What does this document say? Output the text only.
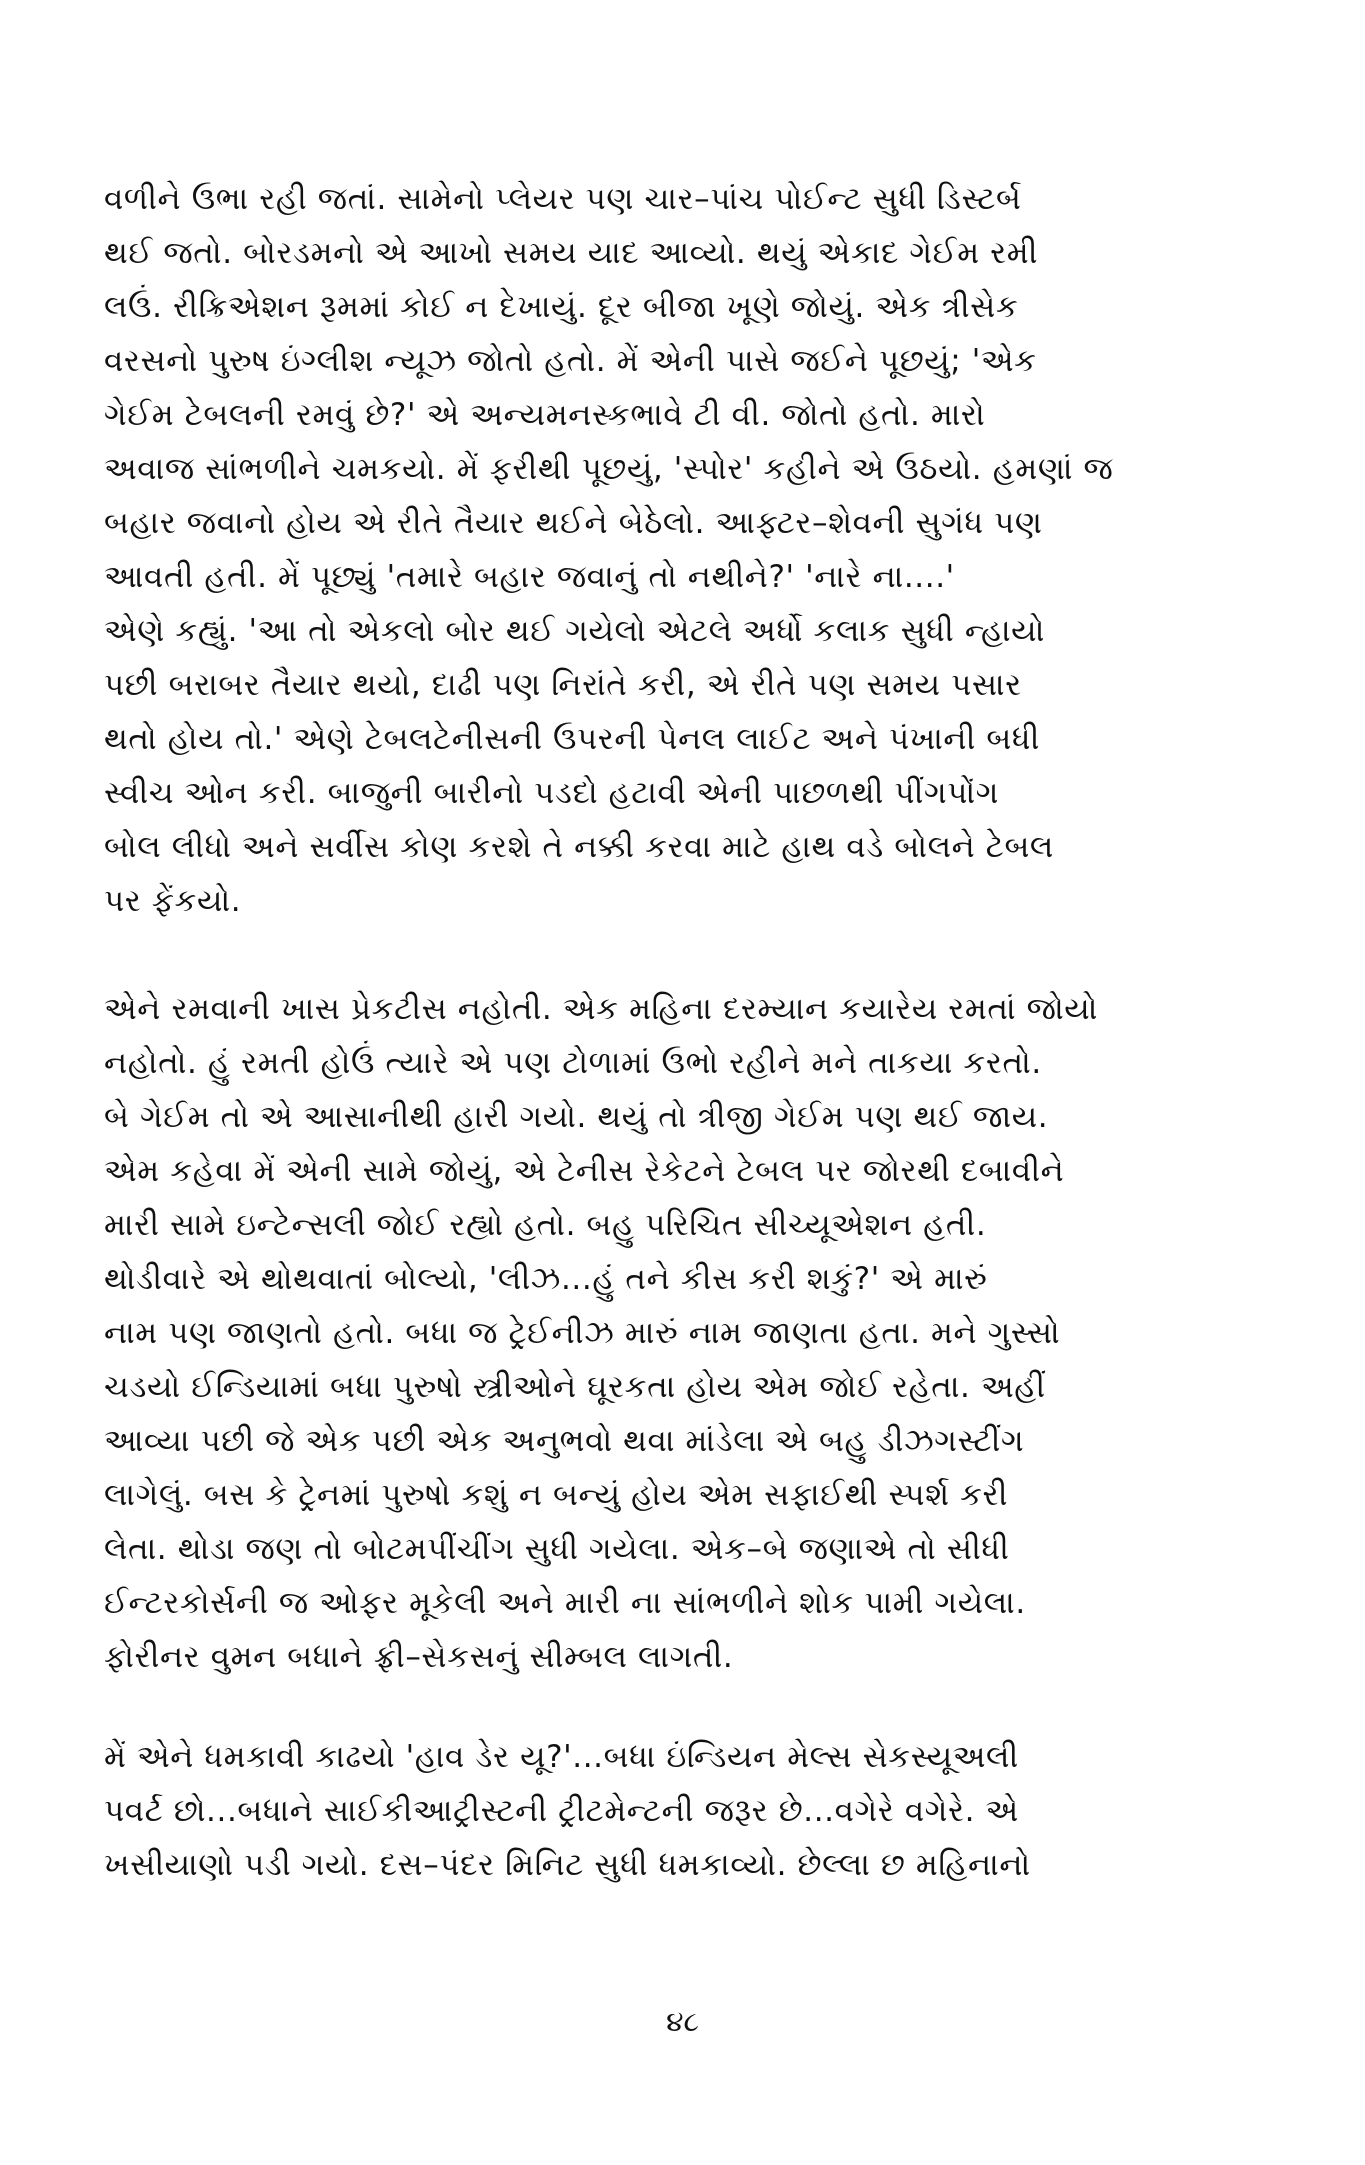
વળીને ઉભા રહી જતાં. સામેનો પ્લેયર પણ ચાર–પાંચ પોઈન્ટ સુધી ડિસ્ટર્બ
થઈ જતો. બોરડમનો એ આખો સમય યાદ આવ્યો. થયું એકાદ ગેઈમ રમી
લઉં. રીક્રિએશન રૂમમાં કોઈ ન દેખાયું. દૂર બીજા ખૂણે જોયું. એક ત્રીસેક
વરસનો પુરુષ ઇંગ્લીશ ન્યૂઝ જોતો હતો. મેં એની પાસે જઈને પૂછયું; 'એક
ગેઈમ ટેબલની રમવું છે?' એ અન્યમનસ્કભાવે ટી વી. જોતો હતો. મારો
અવાજ સાંભળીને ચમકયો. મેં ફરીથી પૂછયું, 'સ્પોર' કહીને એ ઉઠયો. હમણાં જ
બહાર જવાનો હોય એ રીતે તૈયાર થઈને બેઠેલો. આફ્ટર–શેવની સુગંધ પણ
આવતી હતી. મેં પૂછ્યું 'તમારે બહાર જવાનું તો નથીને?' 'નારે ના....'
એણે કહ્યું. 'આ તો એકલો બોર થઈ ગયેલો એટલે અર્ધો કલાક સુધી ન્હાયો
પછી બરાબર તૈયાર થયો, દાઢી પણ નિરાંતે કરી, એ રીતે પણ સમય પસાર
થતો હોય તો.' એણે ટેબલટેનીસની ઉપરની પેનલ લાઈટ અને પંખાની બધી
સ્વીચ ઓન કરી. બાજુની બારીનો પડદો હટાવી એની પાછળથી પીંગપોંગ
બોલ લીધો અને સર્વીસ કોણ કરશે તે નક્કી કરવા માટે હાથ વડે બોલને ટેબલ
પર ફેંકયો.

એને રમવાની ખાસ પ્રેકટીસ નહોતી. એક મહિના દરમ્યાન કયારેય રમતાં જોયો
નહોતો. હું રમતી હોઉં ત્યારે એ પણ ટોળામાં ઉભો રહીને મને તાકયા કરતો.
બે ગેઈમ તો એ આસાનીથી હારી ગયો. થયું તો ત્રીજી ગેઈમ પણ થઈ જાય.
એમ કહેવા મેં એની સામે જોયું, એ ટેનીસ રેકેટને ટેબલ પર જોરથી દબાવીને
મારી સામે ઇન્ટેન્સલી જોઈ રહ્યો હતો. બહુ પરિચિત સીચ્યૂએશન હતી.
થોડીવારે એ થોથવાતાં બોલ્યો, 'લીઝ...હું તને કીસ કરી શકું?' એ મારું
નામ પણ જાણતો હતો. બધા જ ટ્રેઈનીઝ મારું નામ જાણતા હતા. મને ગુસ્સો
ચડયો ઈન્ડિયામાં બધા પુરુષો સ્ત્રીઓને ઘૂરકતા હોય એમ જોઈ રહેતા. અહીં
આવ્યા પછી જે એક પછી એક અનુભવો થવા માંડેલા એ બહુ ડીઝગસ્ટીંગ
લાગેલું. બસ કે ટ્રેનમાં પુરુષો કશું ન બન્યું હોય એમ સફાઈથી સ્પર્શ કરી
લેતા. થોડા જણ તો બોટમપીંચીંગ સુધી ગયેલા. એક–બે જણાએ તો સીધી
ઈન્ટરકોર્સની જ ઓફર મૂકેલી અને મારી ના સાંભળીને શોક પામી ગયેલા.
ફોરીનર વુમન બધાને ફ્રી–સેકસનું સીમ્બલ લાગતી.

મેં એને ધમકાવી કાઢયો 'હાવ ડેર યૂ?'...બધા ઇંન્ડિયન મેલ્સ સેકસ્યૂઅલી
પવર્ટ છો...બધાને સાઈકીઆટ્રીસ્ટની ટ્રીટમેન્ટની જરૂર છે...વગેરે વગેરે. એ
ખસીયાણો પડી ગયો. દસ–પંદર મિનિટ સુધી ધમકાવ્યો. છેલ્લા છ મહિનાનો

૪૮
